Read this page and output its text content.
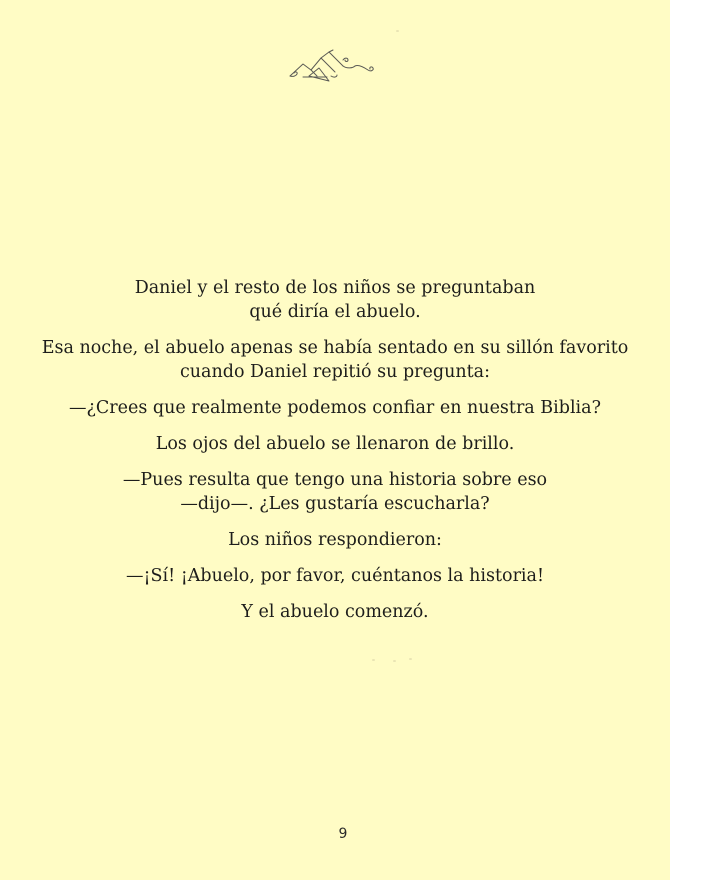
Daniel y el resto de los niños se preguntaban
qué diría el abuelo.

Esa noche, el abuelo apenas se había sentado en su sillón favorito
cuando Daniel repitió su pregunta:

—¿Crees que realmente podemos confiar en nuestra Biblia?

Los ojos del abuelo se llenaron de brillo.

—Pues resulta que tengo una historia sobre eso
—dijo—. ¿Les gustaría escucharla?

Los niños respondieron:

—¡Sí! ¡Abuelo, por favor, cuéntanos la historia!

Y el abuelo comenzó.

9
